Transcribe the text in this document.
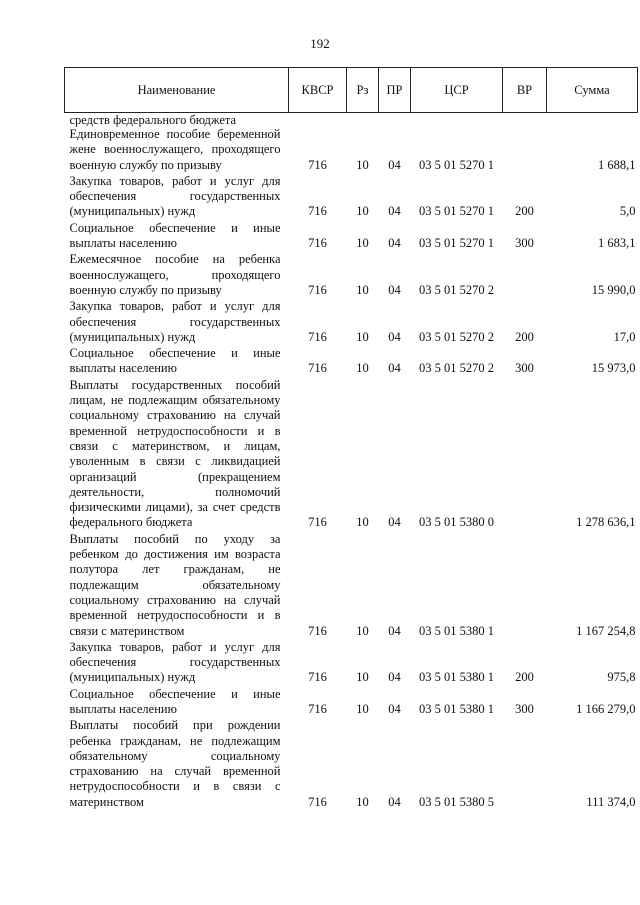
192
Наименование	КВСР	Рз	ПР	ЦСР	ВР	Сумма
средств федерального бюджета						
Единовременное пособие беременной жене военнослужащего, проходящего военную службу по призыву	716	10	04	03 5 01 5270 1		1 688,1
Закупка товаров, работ и услуг для обеспечения государственных (муниципальных) нужд	716	10	04	03 5 01 5270 1	200	5,0
Социальное обеспечение и иные выплаты населению	716	10	04	03 5 01 5270 1	300	1 683,1
Ежемесячное пособие на ребенка военнослужащего, проходящего военную службу по призыву	716	10	04	03 5 01 5270 2		15 990,0
Закупка товаров, работ и услуг для обеспечения государственных (муниципальных) нужд	716	10	04	03 5 01 5270 2	200	17,0
Социальное обеспечение и иные выплаты населению	716	10	04	03 5 01 5270 2	300	15 973,0
Выплаты государственных пособий лицам, не подлежащим обязательному социальному страхованию на случай временной нетрудоспособности и в связи с материнством, и лицам, уволенным в связи с ликвидацией организаций (прекращением деятельности, полномочий физическими лицами), за счет средств федерального бюджета	716	10	04	03 5 01 5380 0		1 278 636,1
Выплаты пособий по уходу за ребенком до достижения им возраста полутора лет гражданам, не подлежащим обязательному социальному страхованию на случай временной нетрудоспособности и в связи с материнством	716	10	04	03 5 01 5380 1		1 167 254,8
Закупка товаров, работ и услуг для обеспечения государственных (муниципальных) нужд	716	10	04	03 5 01 5380 1	200	975,8
Социальное обеспечение и иные выплаты населению	716	10	04	03 5 01 5380 1	300	1 166 279,0
Выплаты пособий при рождении ребенка гражданам, не подлежащим обязательному социальному страхованию на случай временной нетрудоспособности и в связи с материнством	716	10	04	03 5 01 5380 5		111 374,0
